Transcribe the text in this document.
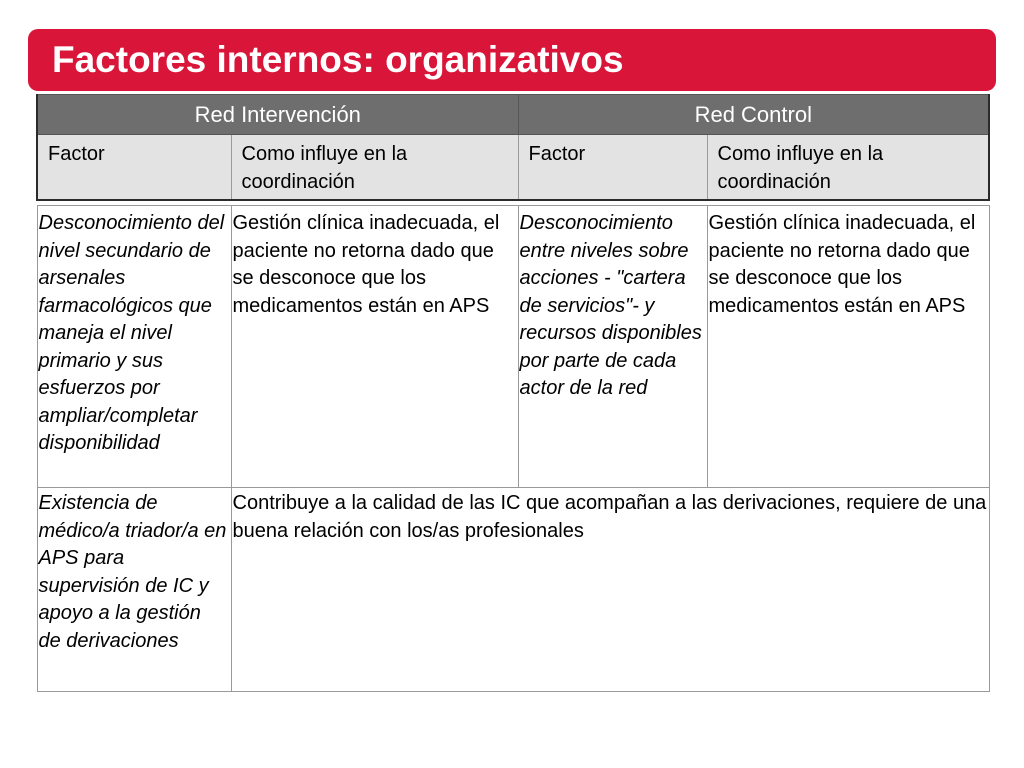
Factores internos: organizativos
Red Intervención		Red Control	
Factor	Como influye en la coordinación	Factor	Como influye en la coordinación

Desconocimiento del nivel secundario de arsenales farmacológicos que maneja el nivel primario y sus esfuerzos por ampliar/completar disponibilidad	Gestión clínica inadecuada, el paciente no retorna dado que se desconoce que los medicamentos están en APS	Desconocimiento entre niveles sobre acciones - "cartera de servicios"- y recursos disponibles por parte de cada actor de la red	Gestión clínica inadecuada, el paciente no retorna dado que se desconoce que los medicamentos están en APS
Existencia de médico/a triador/a en APS para supervisión de IC y apoyo a la gestión de derivaciones	Contribuye a la calidad de las IC que acompañan a las derivaciones, requiere de una buena relación con los/as profesionales		
